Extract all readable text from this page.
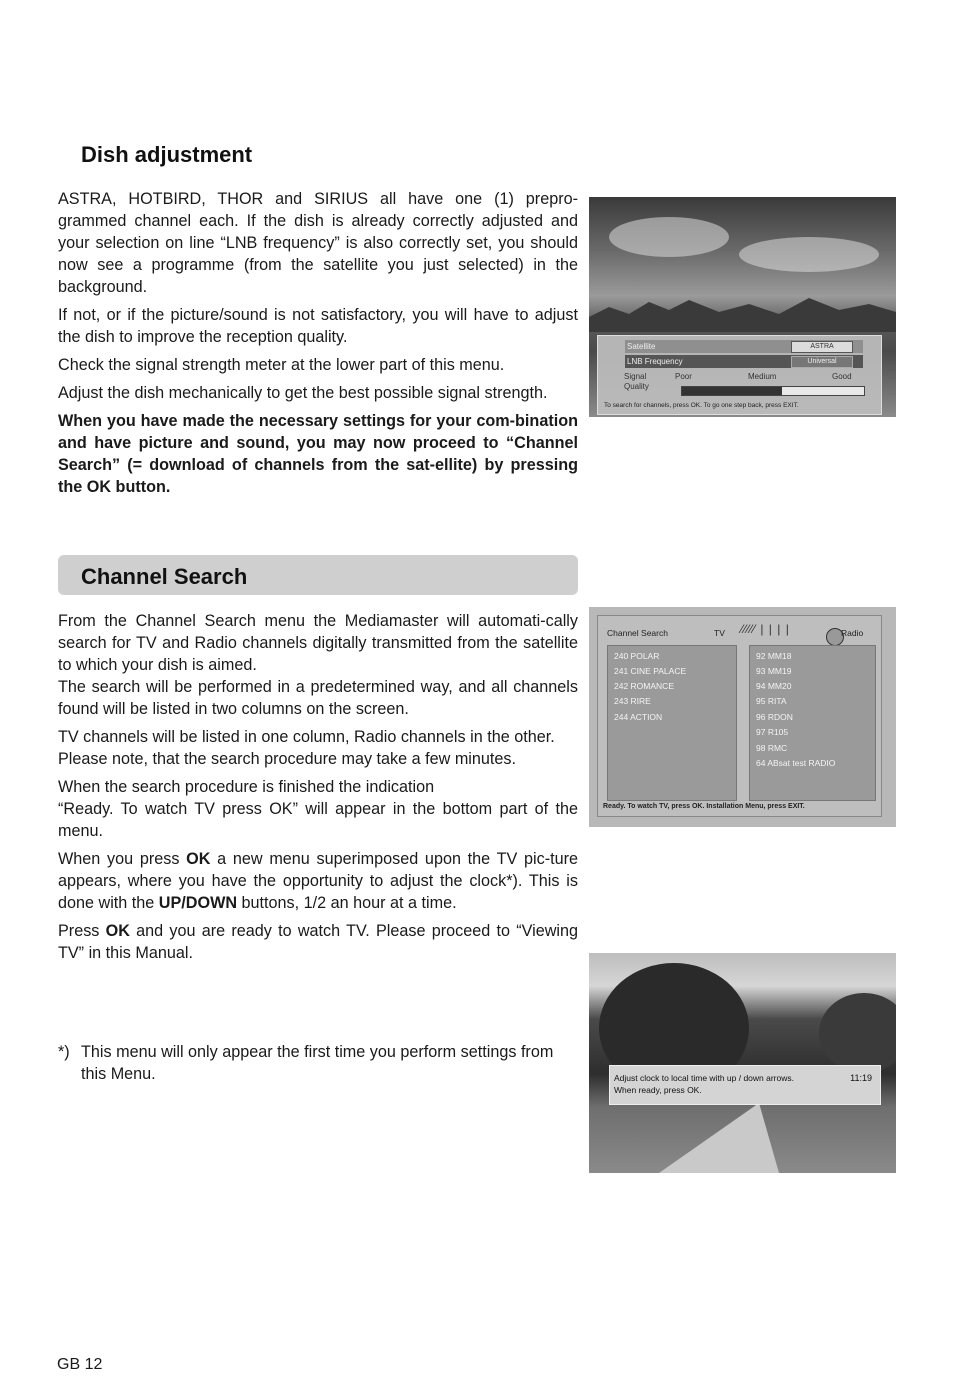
Dish adjustment

ASTRA, HOTBIRD, THOR and SIRIUS all have one (1) prepro-grammed channel each. If the dish is already correctly adjusted and your selection on line “LNB frequency” is also correctly set, you should now see a programme (from the satellite you just selected) in the background.

If not, or if the picture/sound is not satisfactory, you will have to adjust the dish to improve the reception quality.

Check the signal strength meter at the lower part of this menu.

Adjust the dish mechanically to get the best possible signal strength.

When you have made the necessary settings for your com-bination and have picture and sound, you may now proceed to “Channel Search” (= download of channels from the sat-ellite) by pressing the OK button.

Satellite	ASTRA
LNB Frequency	Universal
Signal
Quality
Poor	Medium	Good
To search for channels, press OK. To go one step back, press EXIT.
Channel Search

From the Channel Search menu the Mediamaster will automati-cally search for TV and Radio channels digitally transmitted from the satellite to which your dish is aimed.

The search will be performed in a predetermined way, and all channels found will be listed in two columns on the screen.

TV channels will be listed in one column, Radio channels in the other.

Please note, that the search procedure may take a few minutes.

When the search procedure is finished the indication

“Ready. To watch TV press OK” will appear in the bottom part of the menu.

When you press OK a new menu superimposed upon the TV pic-ture appears, where you have the opportunity to adjust the clock*). This is done with the UP/DOWN buttons, 1/2 an hour at a time.

Press OK and you are ready to watch TV. Please proceed to “Viewing TV” in this Manual.

*) This menu will only appear the first time you perform settings from this Menu.
Channel Search	TV ⁄⁄⁄⁄⁄ | | | |	Radio
240 POLAR
241 CINE PALACE
242 ROMANCE
243 RIRE
244 ACTION
92 MM18
93 MM19
94 MM20
95 RITA
96 RDON
97 R105
98 RMC
64 ABsat test RADIO
Ready. To watch TV, press OK. Installation Menu, press EXIT.
Adjust clock to local time with up / down arrows.
When ready, press OK.
11:19
GB 12
